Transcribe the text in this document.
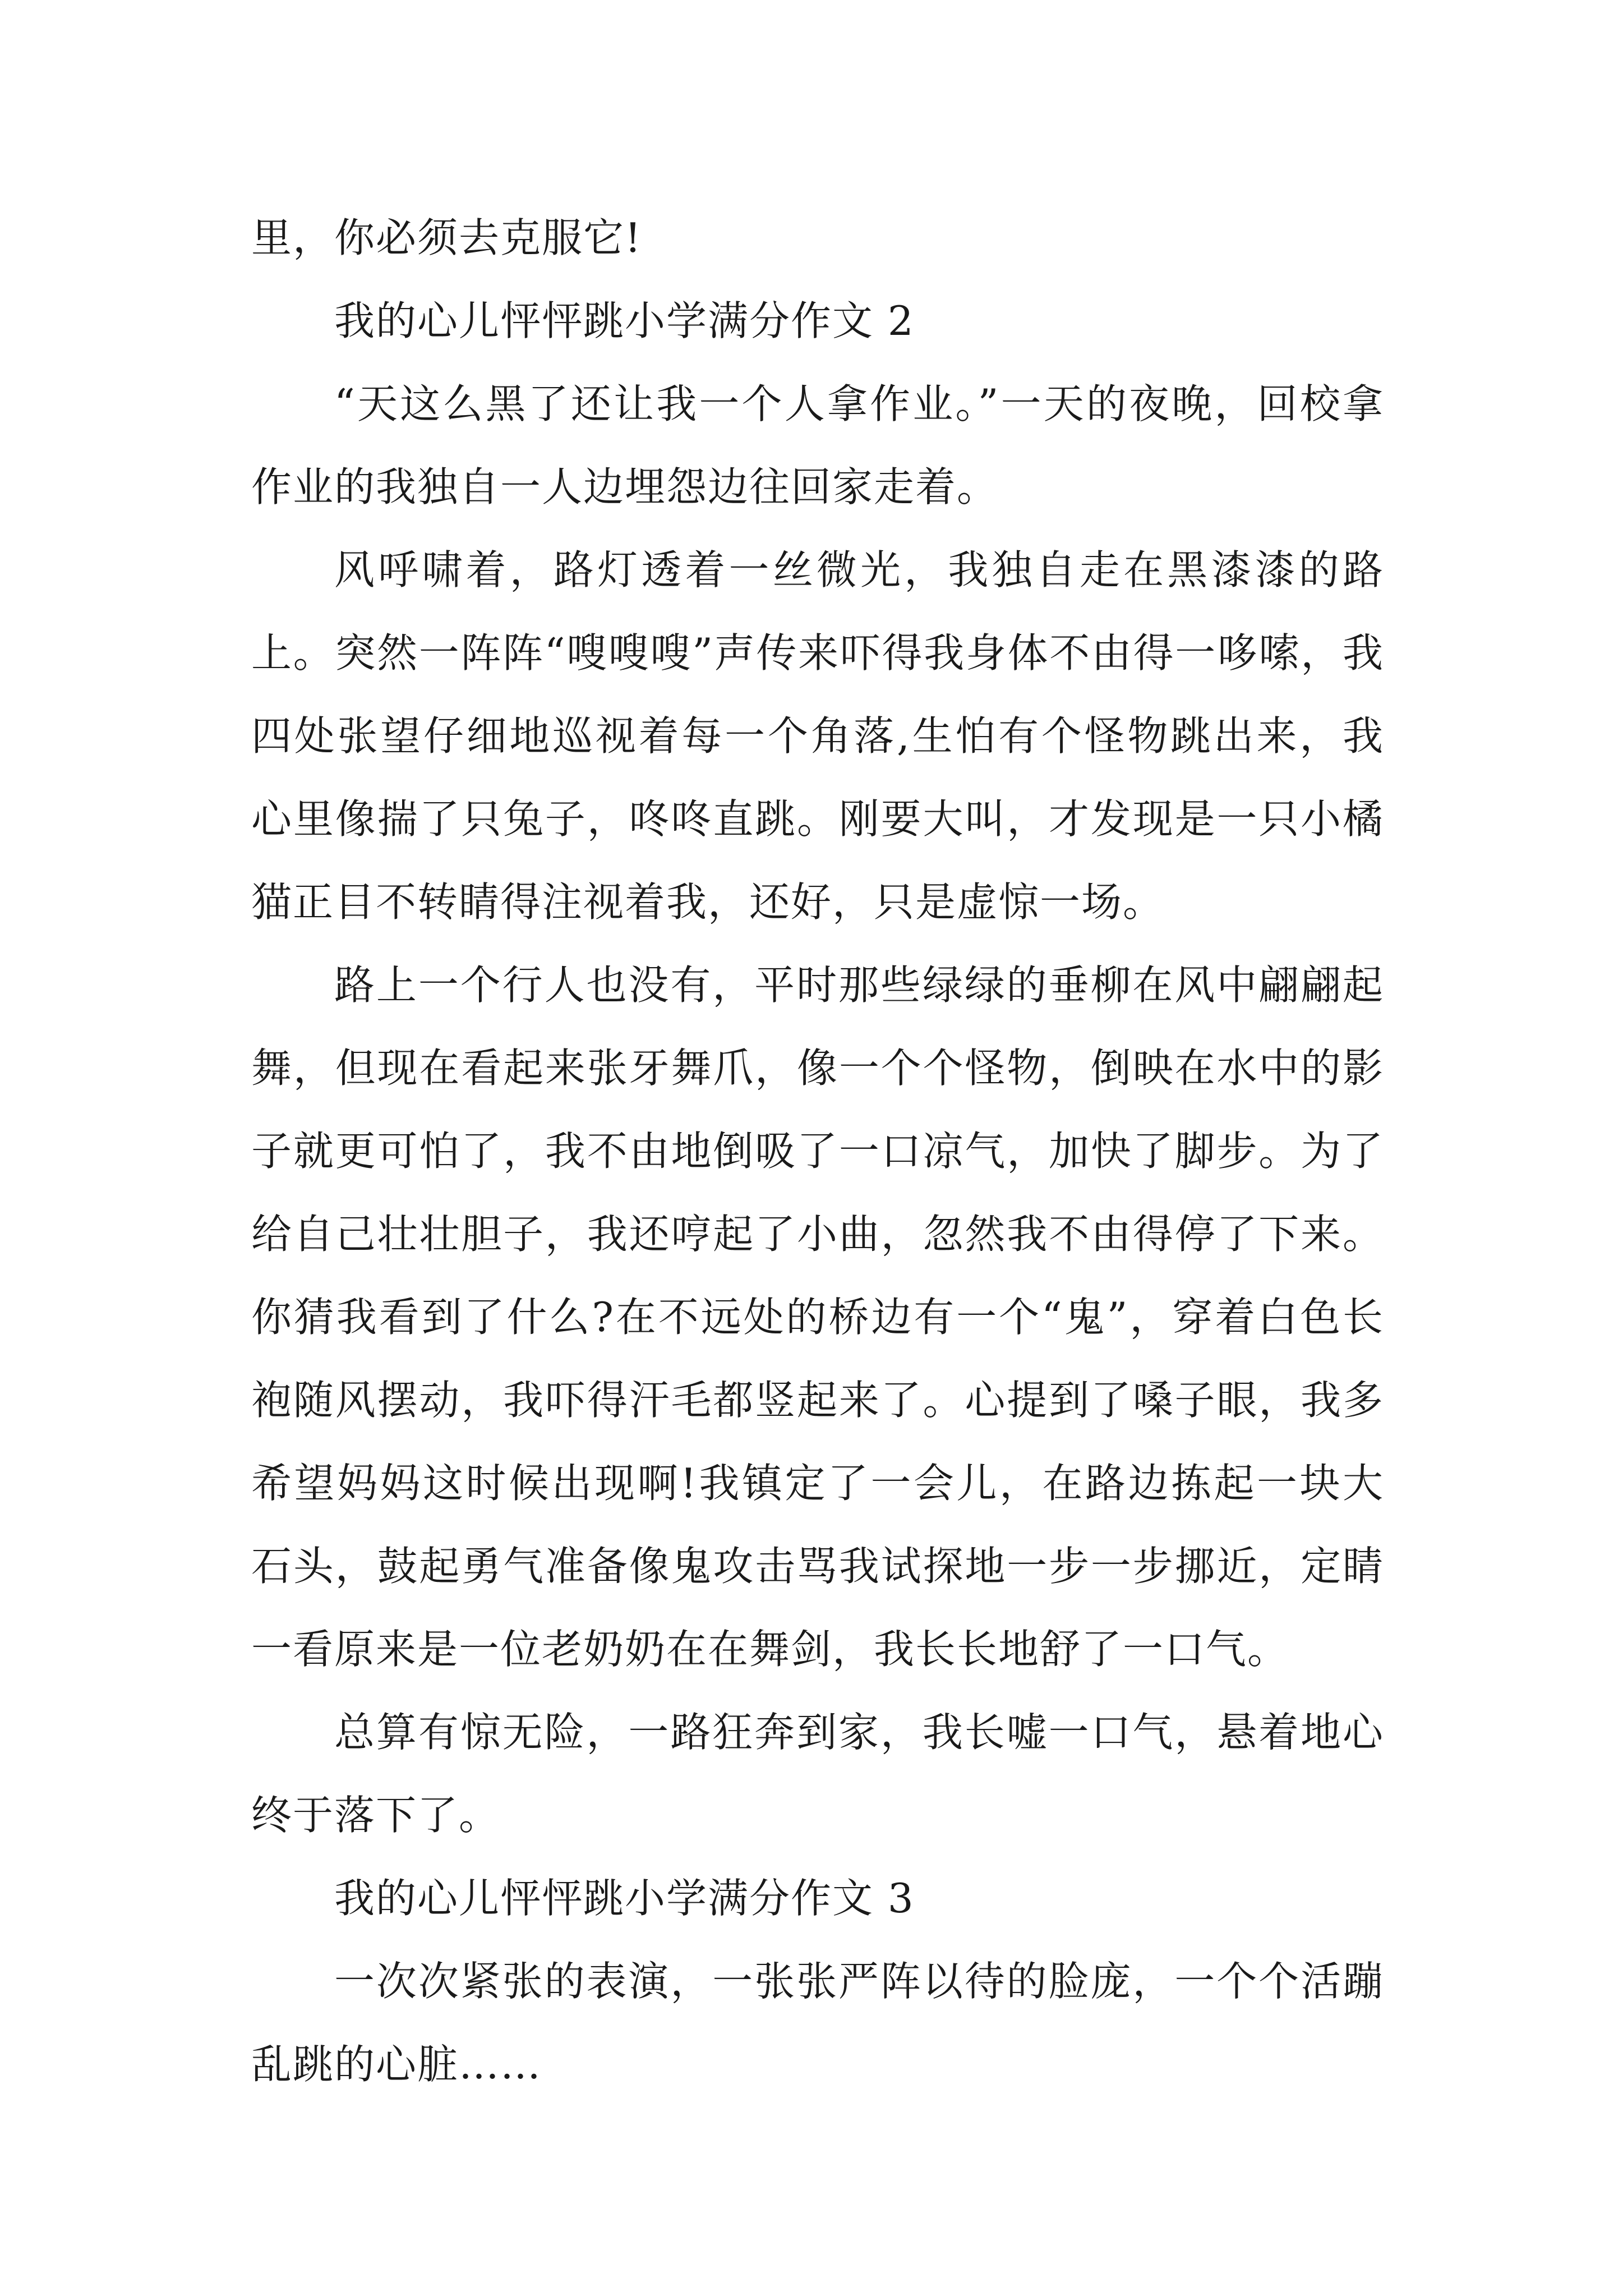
里，你必须去克服它!

我的心儿怦怦跳小学满分作文 2

“天这么黑了还让我一个人拿作业。”一天的夜晚，回校拿作业的我独自一人边埋怨边往回家走着。

风呼啸着，路灯透着一丝微光，我独自走在黑漆漆的路上。突然一阵阵“嗖嗖嗖”声传来吓得我身体不由得一哆嗦，我四处张望仔细地巡视着每一个角落,生怕有个怪物跳出来，我心里像揣了只兔子，咚咚直跳。刚要大叫，才发现是一只小橘猫正目不转睛得注视着我，还好，只是虚惊一场。

路上一个行人也没有，平时那些绿绿的垂柳在风中翩翩起舞，但现在看起来张牙舞爪，像一个个怪物，倒映在水中的影子就更可怕了，我不由地倒吸了一口凉气，加快了脚步。为了给自己壮壮胆子，我还哼起了小曲，忽然我不由得停了下来。你猜我看到了什么?在不远处的桥边有一个“鬼”，穿着白色长袍随风摆动，我吓得汗毛都竖起来了。心提到了嗓子眼，我多希望妈妈这时候出现啊!我镇定了一会儿，在路边拣起一块大石头，鼓起勇气准备像鬼攻击骂我试探地一步一步挪近，定睛一看原来是一位老奶奶在在舞剑，我长长地舒了一口气。

总算有惊无险，一路狂奔到家，我长嘘一口气，悬着地心终于落下了。

我的心儿怦怦跳小学满分作文 3

一次次紧张的表演，一张张严阵以待的脸庞，一个个活蹦乱跳的心脏……
